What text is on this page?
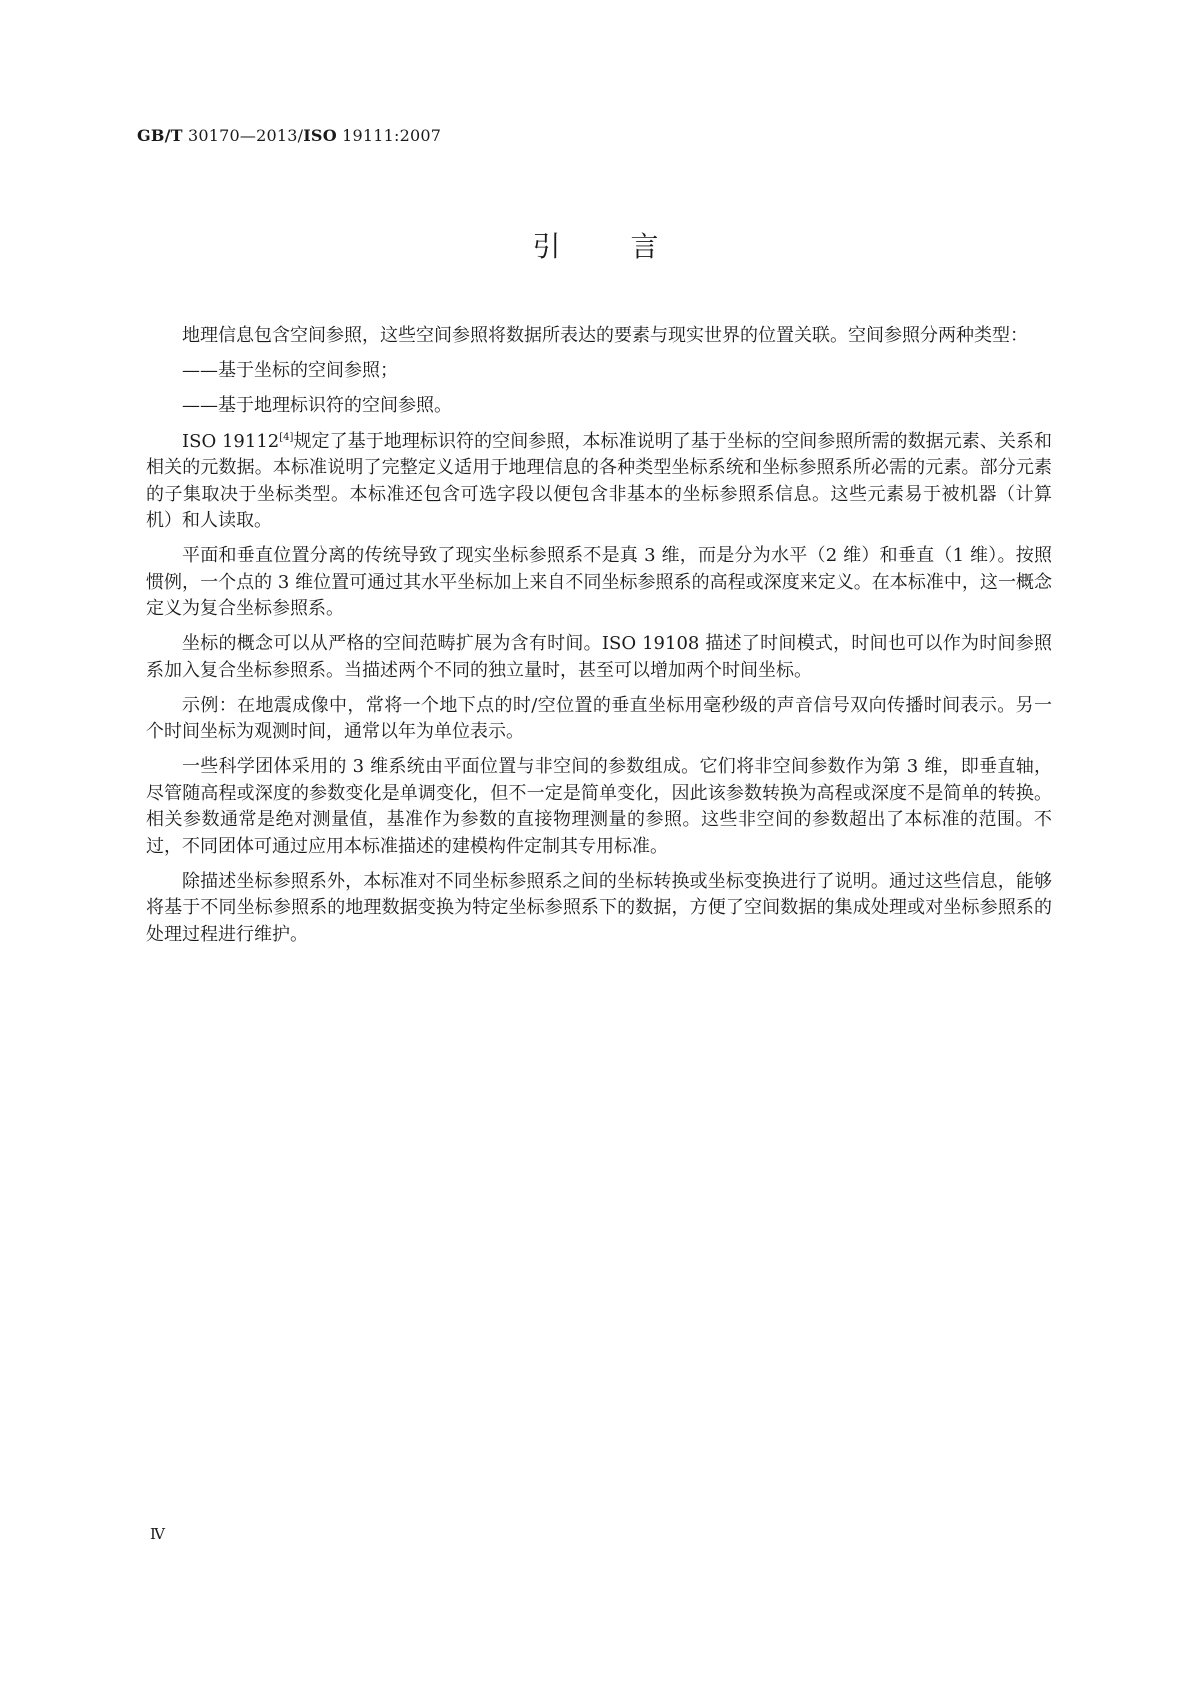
GB/T 30170—2013/ISO 19111:2007
引言

地理信息包含空间参照，这些空间参照将数据所表达的要素与现实世界的位置关联。空间参照分两种类型：

——基于坐标的空间参照；

——基于地理标识符的空间参照。

ISO 19112[4]规定了基于地理标识符的空间参照，本标准说明了基于坐标的空间参照所需的数据元素、关系和相关的元数据。本标准说明了完整定义适用于地理信息的各种类型坐标系统和坐标参照系所必需的元素。部分元素的子集取决于坐标类型。本标准还包含可选字段以便包含非基本的坐标参照系信息。这些元素易于被机器（计算机）和人读取。

平面和垂直位置分离的传统导致了现实坐标参照系不是真 3 维，而是分为水平（2 维）和垂直（1 维）。按照惯例，一个点的 3 维位置可通过其水平坐标加上来自不同坐标参照系的高程或深度来定义。在本标准中，这一概念定义为复合坐标参照系。

坐标的概念可以从严格的空间范畴扩展为含有时间。ISO 19108 描述了时间模式，时间也可以作为时间参照系加入复合坐标参照系。当描述两个不同的独立量时，甚至可以增加两个时间坐标。

示例：在地震成像中，常将一个地下点的时/空位置的垂直坐标用毫秒级的声音信号双向传播时间表示。另一个时间坐标为观测时间，通常以年为单位表示。

一些科学团体采用的 3 维系统由平面位置与非空间的参数组成。它们将非空间参数作为第 3 维，即垂直轴，尽管随高程或深度的参数变化是单调变化，但不一定是简单变化，因此该参数转换为高程或深度不是简单的转换。相关参数通常是绝对测量值，基准作为参数的直接物理测量的参照。这些非空间的参数超出了本标准的范围。不过，不同团体可通过应用本标准描述的建模构件定制其专用标准。

除描述坐标参照系外，本标准对不同坐标参照系之间的坐标转换或坐标变换进行了说明。通过这些信息，能够将基于不同坐标参照系的地理数据变换为特定坐标参照系下的数据，方便了空间数据的集成处理或对坐标参照系的处理过程进行维护。

Ⅳ
